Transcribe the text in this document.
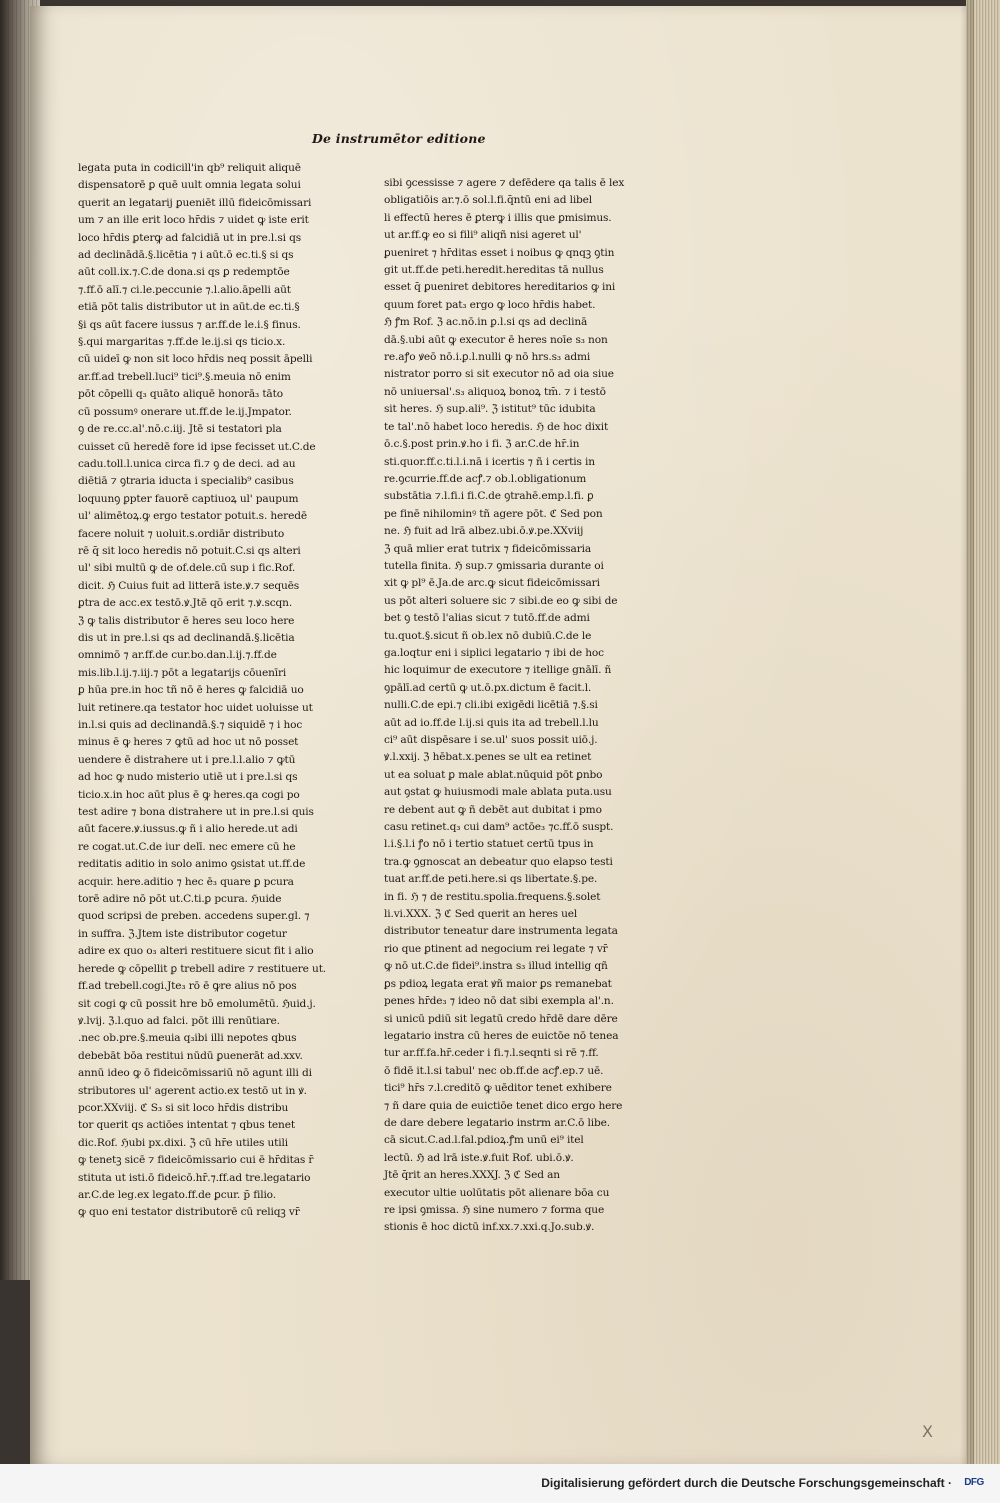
De instrumētor editione
legata puta in codicill'in qb⁹ reliquit aliquē
dispensatorē ꝑ quē uult omnia legata solui
querit an legatarij ꝑueniēt illū fideicōmissari
um ⁊ an ille erit loco hr̄dis ⁊ uidet ꝙ iste erit
loco hr̄dis ꝑterꝙ ad falcidiā ut in pre.l.si qs
ad declinādā.§.licētia ⁊ i aūt.ō ec.ti.§ si qs
aūt coll.ix.⁊.C.de dona.si qs ꝑ redemptōe
⁊.ff.ō alī.⁊ ci.le.peccunie ⁊.l.alio.āpelli aūt
etiā pōt talis distributor ut in aūt.de ec.ti.§
§i qs aūt facere iussus ⁊ ar.ff.de le.i.§ finus.
§.qui margaritas ⁊.ff.de le.ij.si qs ticio.x.
cū uideī ꝙ non sit loco hr̄dis neq possit āpelli
ar.ff.ad trebell.luci⁹ tici⁹.§.meuia nō enim
pōt cōpelli q₃ quāto aliquē honorā₃ tāto
cū possumꝰ onerare ut.ff.de le.ij.Jmpator.
ꝯ de re.cc.al'.nō.c.iij. Jtē si testatori pla
cuisset cū heredē fore id ipse fecisset ut.C.de
cadu.toll.l.unica circa fi.⁊ ꝯ de deci. ad au
diētiā ⁊ ꝯtraria iducta i specialib⁹ casibus
loquunꝯ ꝑpter fauorē captiuoꝝ ul' paupum
ul' alimētoꝝ.ꝙ ergo testator potuit.s. heredē
facere noluit ⁊ uoluit.s.ordiār distributo
rē q̄ sit loco heredis nō potuit.C.si qs alteri
ul' sibi multū ꝙ de of.dele.cū sup i fic.Rof.
dicit. ℌ Cuius fuit ad litterā iste.ꝟ.⁊ sequēs
ꝑtra de acc.ex testō.ꝟ.Jtē qō erit ⁊.ꝟ.scqn.
ℨ ꝙ talis distributor ē heres seu loco here
dis ut in pre.l.si qs ad declinandā.§.licētia
omnimō ⁊ ar.ff.de cur.bo.dan.l.ij.⁊.ff.de
mis.lib.l.ij.⁊.iij.⁊ pōt a legatarijs cōuenīri
ꝑ hūa pre.in hoc tñ nō ē heres ꝙ falcidiā uo
luit retinere.qa testator hoc uidet uoluisse ut
in.l.si quis ad declinandā.§.⁊ siquidē ⁊ i hoc
minus ē ꝙ heres ⁊ ꝙtū ad hoc ut nō posset
uendere ē distrahere ut i pre.l.l.alio ⁊ ꝙtū
ad hoc ꝙ nudo misterio utiē ut i pre.l.si qs
ticio.x.in hoc aūt plus ē ꝙ heres.qa cogi po
test adire ⁊ bona distrahere ut in pre.l.si quis
aūt facere.ꝟ.iussus.ꝙ ñ i alio herede.ut adi
re cogat.ut.C.de iur delī. nec emere cū he
reditatis aditio in solo animo ꝯsistat ut.ff.de
acquir. here.aditio ⁊ hec ē₃ quare ꝑ pcura
torē adire nō pōt ut.C.ti.ꝑ pcura. ℌuide
quod scripsi de preben. accedens super.gl. ⁊
in suffra. ℨ.Jtem iste distributor cogetur
adire ex quo o₃ alteri restituere sicut fit i alio
herede ꝙ cōpellit ꝑ trebell adire ⁊ restituere ut.
ff.ad trebell.cogi.Jte₃ rō ē ꝙre alius nō pos
sit cogi ꝙ cū possit hre bō emolumētū. ℌuid.j.
ꝟ.lvij. ℨ.l.quo ad falci. pōt illi renūtiare.
.nec ob.pre.§.meuia q₃ibi illi nepotes qbus
debebāt bōa restitui nūdū ꝑuenerāt ad.xxv.
annū ideo ꝙ ō fideicōmissariū nō agunt illi di
stributores ul' agerent actio.ex testō ut in ꝟ.
pcor.XXviij. ℭ S₃ si sit loco hr̄dis distribu
tor querit qs actiōes intentat ⁊ qbus tenet
dic.Rof. ℌubi px.dixi. ℨ cū hr̄e utiles utili
ꝙ tenetꝫ sicē ⁊ fideicōmissario cui ē hr̄ditas r̄
stituta ut isti.ō fideicō.hr̄.⁊.ff.ad tre.legatario
ar.C.de leg.ex legato.ff.de ꝑcur. p̄ filio.
ꝙ quo eni testator distributorē cū reliqꝫ vr̄
sibi ꝯcessisse ⁊ agere ⁊ defēdere qa talis ē lex
obligatiōis ar.⁊.ō sol.l.fi.q̄ntū eni ad libel
li effectū heres ē ꝑterꝙ i illis que ꝑmisimus.
ut ar.ff.ꝙ eo si fili⁹ aliqñ nisi ageret ul'
ꝑueniret ⁊ hr̄ditas esset i noibus ꝙ qnqꝫ ꝯtin
git ut.ff.de peti.heredit.hereditas tā nullus
esset q̄ ꝑueniret debitores hereditarios ꝙ ini
quum foret pat₃ ergo ꝙ loco hr̄dis habet.
ℌ ꝭm Rof. ℨ ac.nō.in ꝑ.l.si qs ad declinā
dā.§.ubi aūt ꝙ executor ē heres noīe s₃ non
re.aꝭo ꝟeō nō.i.ꝑ.l.nulli ꝙ nō hrs.s₃ admi
nistrator porro si sit executor nō ad oia siue
nō uniuersal'.s₃ aliquoꝝ bonoꝝ tm̄. ⁊ i testō
sit heres. ℌ sup.ali⁹. ℨ istitut⁹ tūc idubita
te tal'.nō habet loco heredis. ℌ de hoc dixit
ō.c.§.post prin.ꝟ.ho i fi. ℨ ar.C.de hr̄.in
sti.quor.ff.c.ti.l.i.nā i icertis ⁊ ñ i certis in
re.ꝯcurrie.ff.de acꝭ.⁊ ob.l.obligationum
substātia ⁊.l.fi.i fi.C.de ꝯtrahē.emp.l.fi. ꝑ
pe finē nihilominꝰ tñ agere pōt. ℭ Sed pon
ne. ℌ fuit ad lrā albez.ubi.ō.ꝟ.pe.XXviij
ℨ quā mlier erat tutrix ⁊ fideicōmissaria
tutella finita. ℌ sup.⁊ ꝯmissaria durante oi
xit ꝙ pl⁹ ē.Ja.de arc.ꝙ sicut fideicōmissari
us pōt alteri soluere sic ⁊ sibi.de eo ꝙ sibi de
bet ꝯ testō l'alias sicut ⁊ tutō.ff.de admi
tu.quot.§.sicut ñ ob.lex nō dubiū.C.de le
ga.loqtur eni i siplici legatario ⁊ ibi de hoc
hic loquimur de executore ⁊ itellige gnālī. ñ
ꝯpālī.ad certū ꝙ ut.ō.px.dictum ē facit.l.
nulli.C.de epi.⁊ cli.ibi exigēdi licētiā ⁊.§.si
aūt ad io.ff.de l.ij.si quis ita ad trebell.l.lu
ci⁹ aūt dispēsare i se.ul' suos possit uiō.j.
ꝟ.l.xxij. ℨ hēbat.x.penes se ult ea retinet
ut ea soluat ꝑ male ablat.nūquid pōt ꝑnbo
aut ꝯstat ꝙ huiusmodi male ablata puta.usu
re debent aut ꝙ ñ debēt aut dubitat i pmo
casu retinet.q₃ cui dam⁹ actōe₃ ⁊c.ff.ō suspt.
l.i.§.l.i ꝭo nō i tertio statuet certū tpus in
tra.ꝙ ꝯgnoscat an debeatur quo elapso testi
tuat ar.ff.de peti.here.si qs libertate.§.pe.
in fi. ℌ ⁊ de restitu.spolia.frequens.§.solet
li.vi.XXX. ℨ ℭ Sed querit an heres uel
distributor teneatur dare instrumenta legata
rio que ꝑtinent ad negocium rei legate ⁊ vr̄
ꝙ nō ut.C.de fidei⁹.instra s₃ illud intellig qñ
ꝑs pdioꝝ legata erat ꝟñ maior ꝑs remanebat
penes hr̄de₃ ⁊ ideo nō dat sibi exempla al'.n.
si unicū pdiū sit legatū credo hr̄dē dare dēre
legatario instra cū heres de euictōe nō tenea
tur ar.ff.fa.hr̄.ceder i fi.⁊.l.seqnti si rē ⁊.ff.
ō fidē it.l.si tabul' nec ob.ff.de acꝭ.ep.⁊ uē.
tici⁹ hr̄s ⁊.l.creditō ꝙ uēditor tenet exhibere
⁊ ñ dare quia de euictiōe tenet dico ergo here
de dare debere legatario instrm ar.C.ō libe.
cā sicut.C.ad.l.fal.pdioꝝ.ꝭm unū ei⁹ itel
lectū. ℌ ad lrā iste.ꝟ.fuit Rof. ubi.ō.ꝟ.
Jtē q̄rit an heres.XXXJ. ℨ ℭ Sed an
executor ultie uolūtatis pōt alienare bōa cu
re ipsi ꝯmissa. ℌ sine numero ⁊ forma que
stionis ē hoc dictū inf.xx.⁊.xxi.q.Jo.sub.ꝟ.
X
Digitalisierung gefördert durch die Deutsche Forschungsgemeinschaft ·	DFG
